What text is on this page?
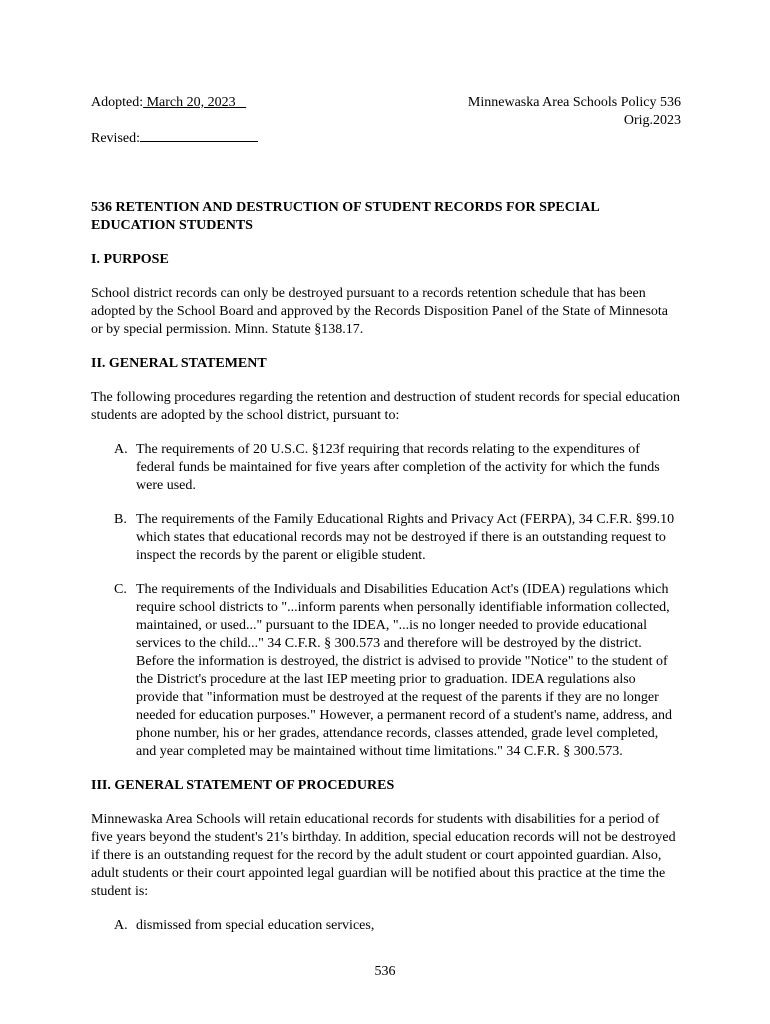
Adopted: March 20, 2023
Revised:
Minnewaska Area Schools Policy 536
Orig.2023
536 RETENTION AND DESTRUCTION OF STUDENT RECORDS FOR SPECIAL EDUCATION STUDENTS
I. PURPOSE

School district records can only be destroyed pursuant to a records retention schedule that has been adopted by the School Board and approved by the Records Disposition Panel of the State of Minnesota or by special permission. Minn. Statute §138.17.

II. GENERAL STATEMENT

The following procedures regarding the retention and destruction of student records for special education students are adopted by the school district, pursuant to:

A. The requirements of 20 U.S.C. §123f requiring that records relating to the expenditures of federal funds be maintained for five years after completion of the activity for which the funds were used.
B. The requirements of the Family Educational Rights and Privacy Act (FERPA), 34 C.F.R. §99.10 which states that educational records may not be destroyed if there is an outstanding request to inspect the records by the parent or eligible student.
C. The requirements of the Individuals and Disabilities Education Act's (IDEA) regulations which require school districts to "...inform parents when personally identifiable information collected, maintained, or used..." pursuant to the IDEA, "...is no longer needed to provide educational services to the child..." 34 C.F.R. § 300.573 and therefore will be destroyed by the district. Before the information is destroyed, the district is advised to provide "Notice" to the student of the District's procedure at the last IEP meeting prior to graduation. IDEA regulations also provide that "information must be destroyed at the request of the parents if they are no longer needed for education purposes." However, a permanent record of a student's name, address, and phone number, his or her grades, attendance records, classes attended, grade level completed, and year completed may be maintained without time limitations." 34 C.F.R. § 300.573.
III. GENERAL STATEMENT OF PROCEDURES

Minnewaska Area Schools will retain educational records for students with disabilities for a period of five years beyond the student's 21's birthday. In addition, special education records will not be destroyed if there is an outstanding request for the record by the adult student or court appointed guardian. Also, adult students or their court appointed legal guardian will be notified about this practice at the time the student is:

A. dismissed from special education services,
536
